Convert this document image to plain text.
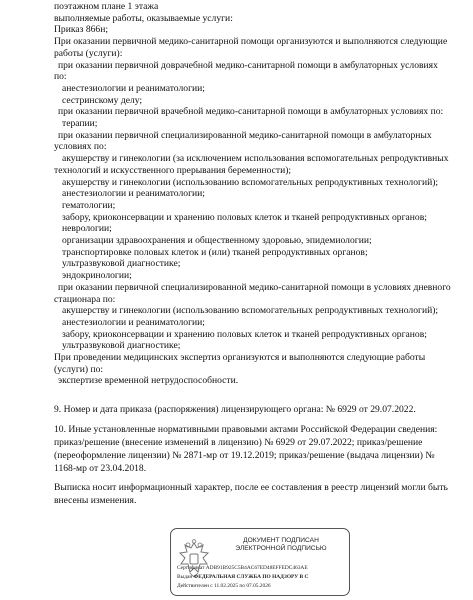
поэтажном плане 1 этажа
выполняемые работы, оказываемые услуги:
Приказ 866н;
При оказании первичной медико-санитарной помощи организуются и выполняются следующие
работы (услуги):
при оказании первичной доврачебной медико-санитарной помощи в амбулаторных условиях
по:
анестезиологии и реаниматологии;
сестринскому делу;
при оказании первичной врачебной медико-санитарной помощи в амбулаторных условиях по:
терапии;
при оказании первичной специализированной медико-санитарной помощи в амбулаторных
условиях по:
акушерству и гинекологии (за исключением использования вспомогательных репродуктивных
технологий и искусственного прерывания беременности);
акушерству и гинекологии (использованию вспомогательных репродуктивных технологий);
анестезиологии и реаниматологии;
гематологии;
забору, криоконсервации и хранению половых клеток и тканей репродуктивных органов;
неврологии;
организации здравоохранения и общественному здоровью, эпидемиологии;
транспортировке половых клеток и (или) тканей репродуктивных органов;
ультразвуковой диагностике;
эндокринологии;
при оказании первичной специализированной медико-санитарной помощи в условиях дневного
стационара по:
акушерству и гинекологии (использованию вспомогательных репродуктивных технологий);
анестезиологии и реаниматологии;
забору, криоконсервации и хранению половых клеток и тканей репродуктивных органов;
ультразвуковой диагностике;
При проведении медицинских экспертиз организуются и выполняются следующие работы
(услуги) по:
экспертизе временной нетрудоспособности.
9. Номер и дата приказа (распоряжения) лицензирующего органа: № 6929 от 29.07.2022.
10. Иные установленные нормативными правовыми актами Российской Федерации сведения:
приказ/решение (внесение изменений в лицензию) № 6929 от 29.07.2022; приказ/решение
(переоформление лицензии) № 2871-мр от 19.12.2019; приказ/решение (выдача лицензии) №
1168-мр от 23.04.2018.
Выписка носит информационный характер, после ее составления в реестр лицензий могли быть
внесены изменения.
ДОКУМЕНТ ПОДПИСАН
ЭЛЕКТРОННОЙ ПОДПИСЬЮ
Сертификат ADB91B925C5B4AC67ED48EFFEDC463AE
Выдан ФЕДЕРАЛЬНАЯ СЛУЖБА ПО НАДЗОРУ В С
Действителен с 11.02.2025 по 07.05.2026
